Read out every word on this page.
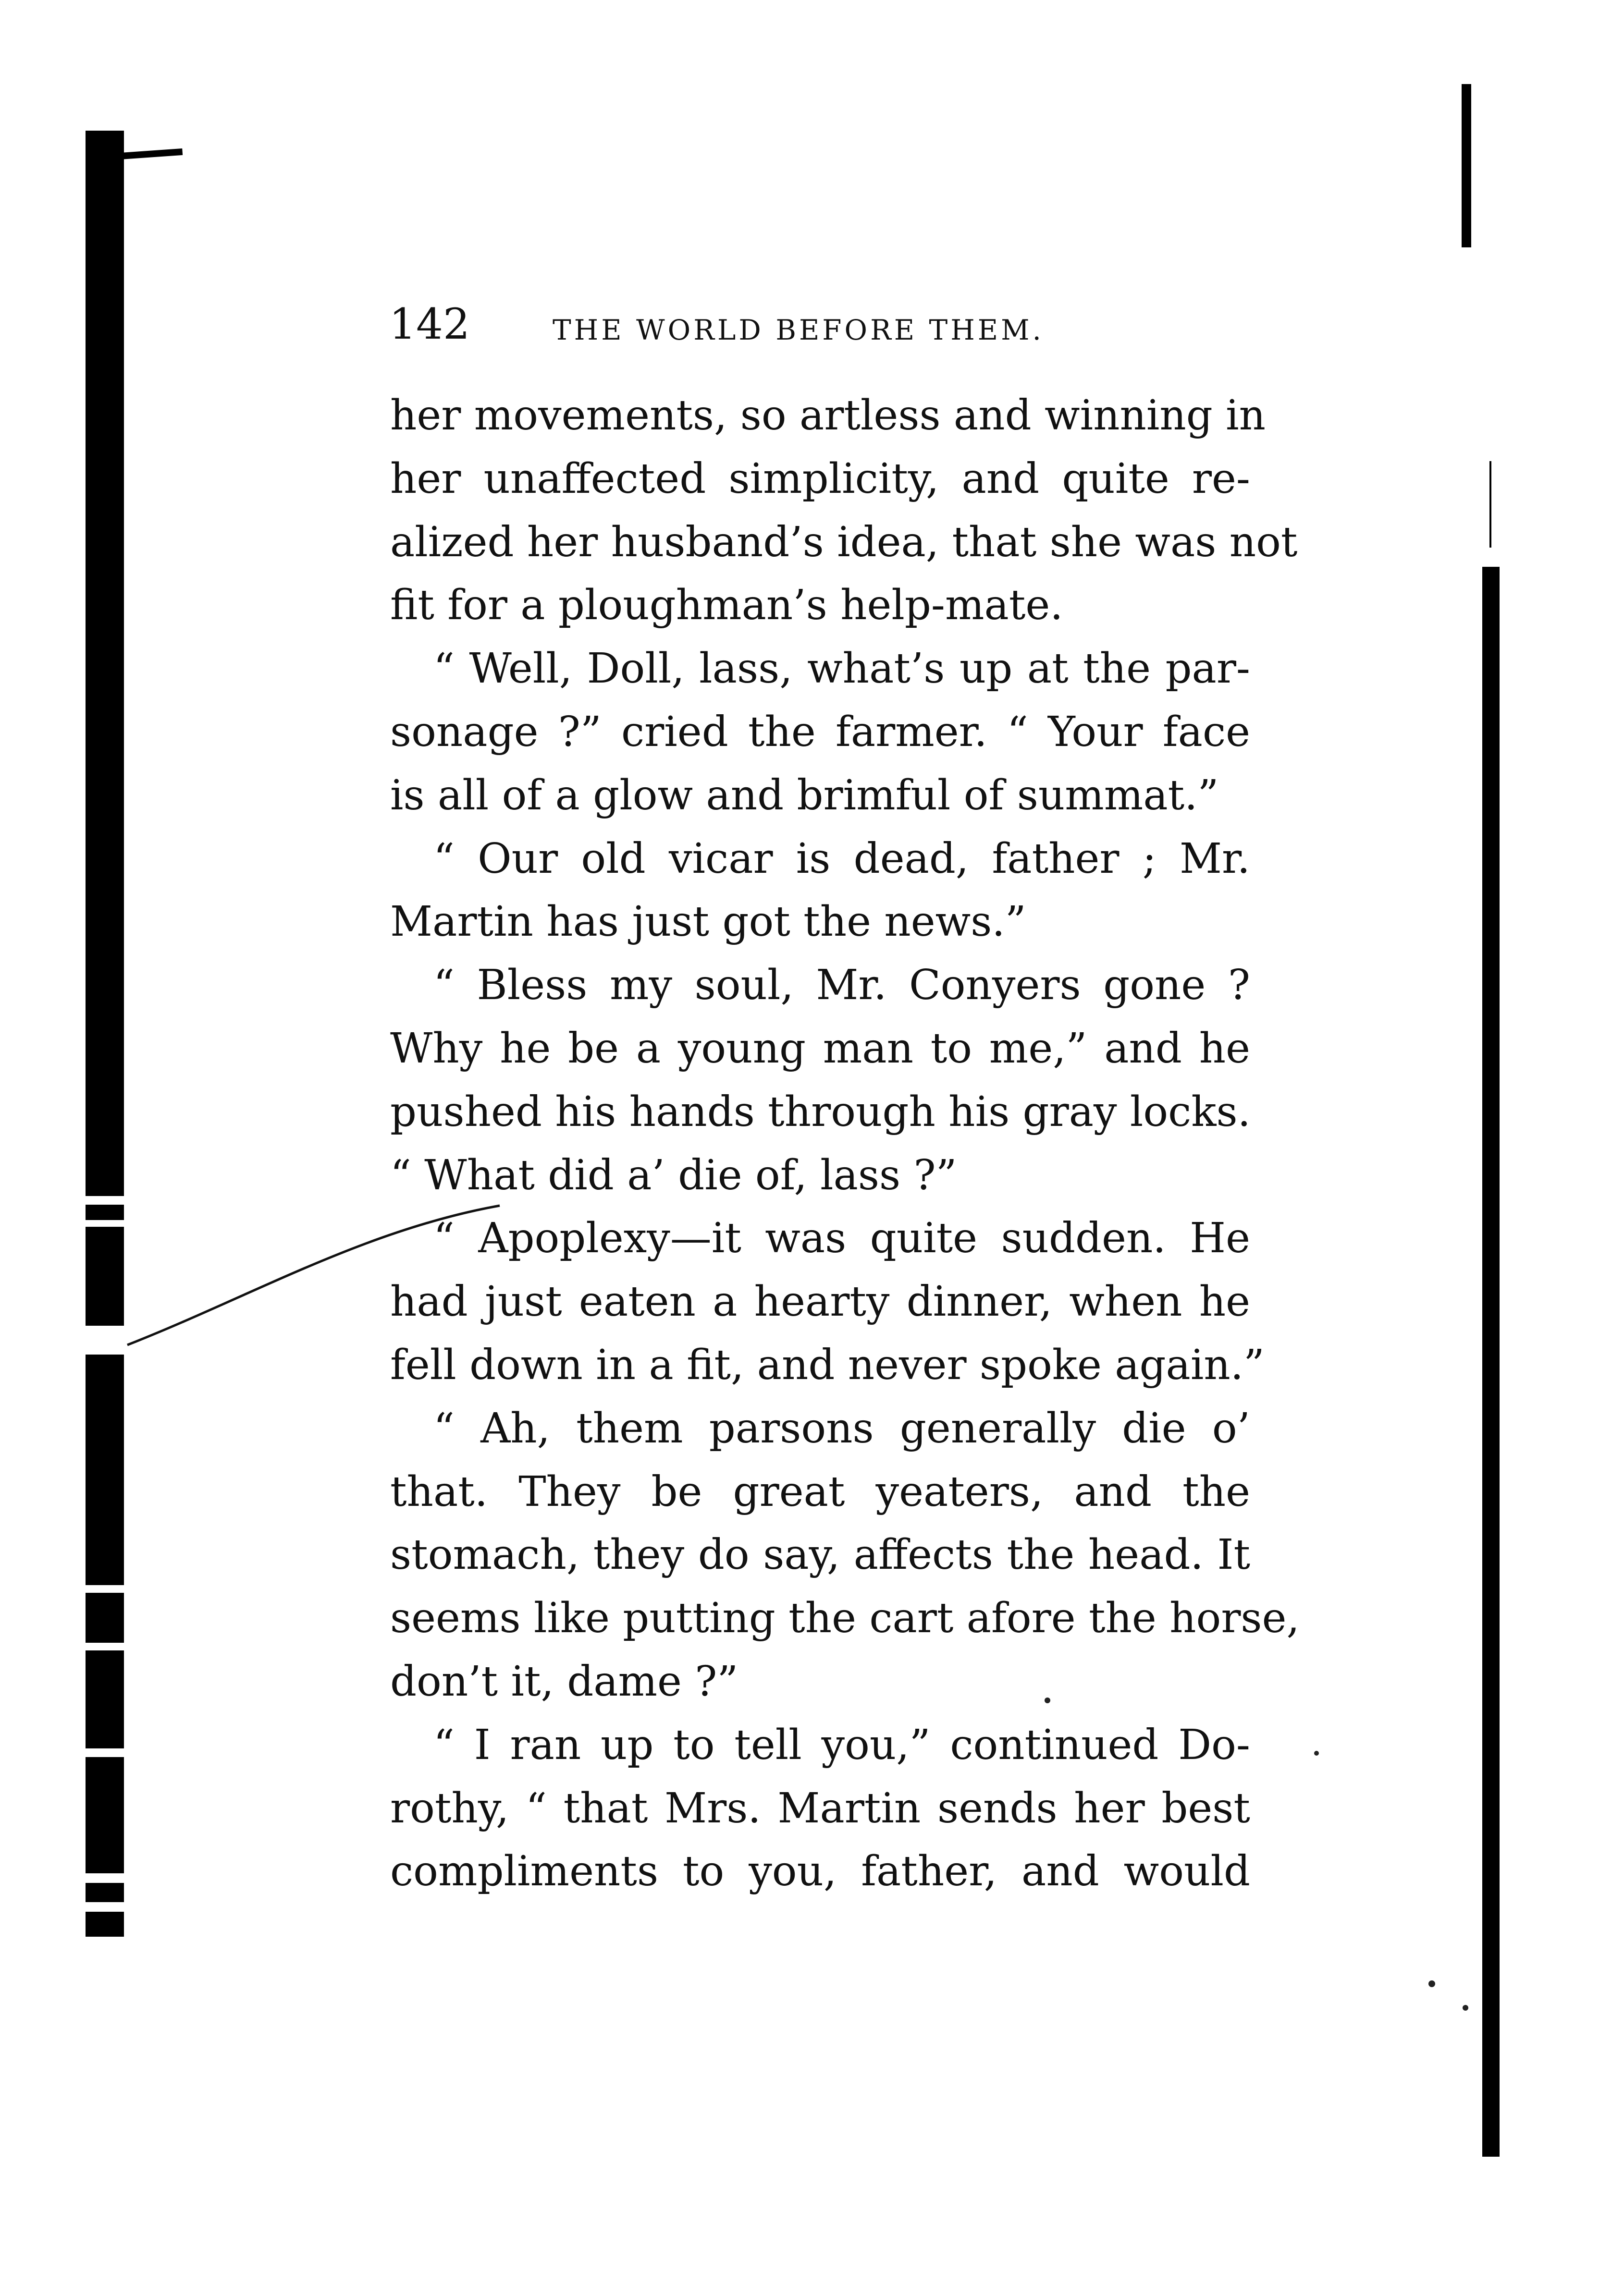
142	THE WORLD BEFORE THEM.
her movements, so artless and winning in
her unaffected simplicity, and quite re-
alized her husband’s idea, that she was not
fit for a ploughman’s help-mate.
“ Well, Doll, lass, what’s up at the par-
sonage ?” cried the farmer. “ Your face
is all of a glow and brimful of summat.”
“ Our old vicar is dead, father ; Mr.
Martin has just got the news.”
“ Bless my soul, Mr. Conyers gone ?
Why he be a young man to me,” and he
pushed his hands through his gray locks.
“ What did a’ die of, lass ?”
“ Apoplexy—it was quite sudden. He
had just eaten a hearty dinner, when he
fell down in a fit, and never spoke again.”
“ Ah, them parsons generally die o’
that. They be great yeaters, and the
stomach, they do say, affects the head. It
seems like putting the cart afore the horse,
don’t it, dame ?”
“ I ran up to tell you,” continued Do-
rothy, “ that Mrs. Martin sends her best
compliments to you, father, and would
